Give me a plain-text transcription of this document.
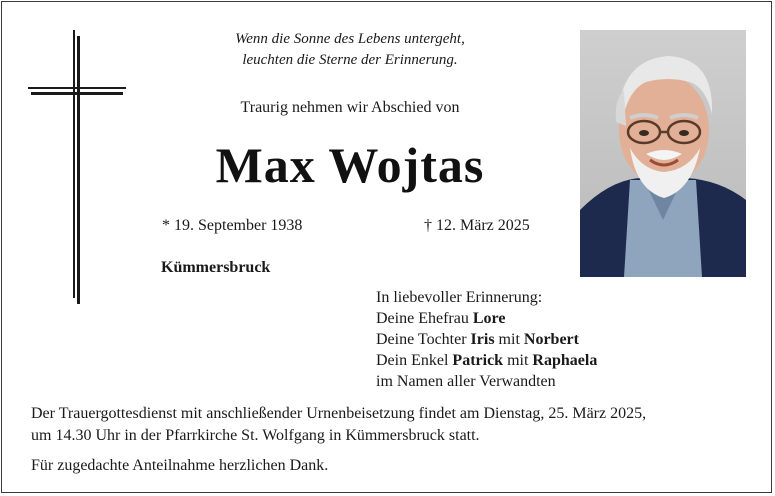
Wenn die Sonne des Lebens untergeht,
leuchten die Sterne der Erinnerung.
Traurig nehmen wir Abschied von
Max Wojtas
* 19. September 1938	† 12. März 2025
Kümmersbruck
In liebevoller Erinnerung:
Deine Ehefrau Lore
Deine Tochter Iris mit Norbert
Dein Enkel Patrick mit Raphaela
im Namen aller Verwandten
Der Trauergottesdienst mit anschließender Urnenbeisetzung findet am Dienstag, 25. März 2025,
um 14.30 Uhr in der Pfarrkirche St. Wolfgang in Kümmersbruck statt.
Für zugedachte Anteilnahme herzlichen Dank.
